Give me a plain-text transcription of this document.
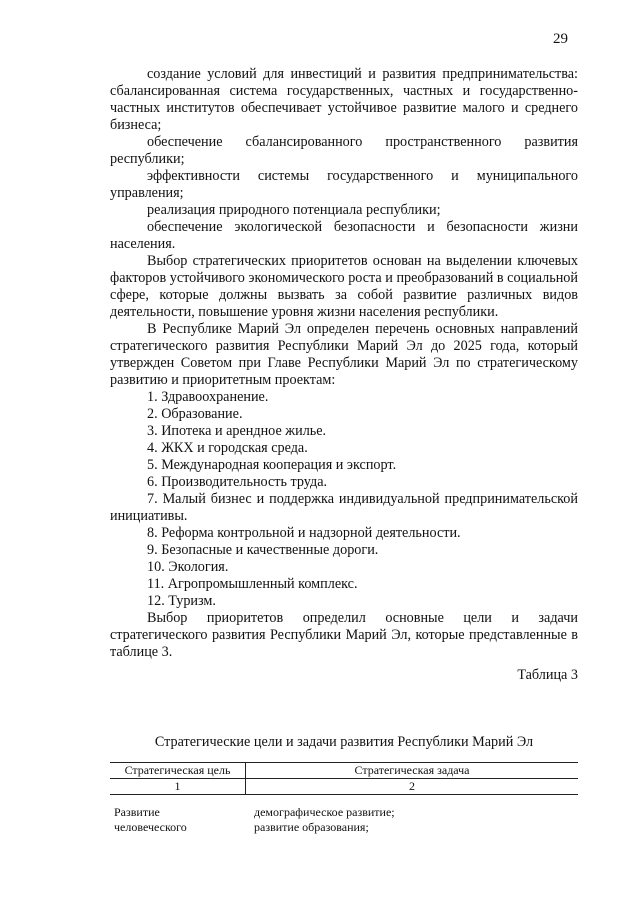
29

создание условий для инвестиций и развития предпринимательства: сбалансированная система государственных, частных и государственно-частных институтов обеспечивает устойчивое развитие малого и среднего бизнеса;

обеспечение сбалансированного пространственного развития республики;

эффективности системы государственного и муниципального управления;

реализация природного потенциала республики;

обеспечение экологической безопасности и безопасности жизни населения.

Выбор стратегических приоритетов основан на выделении ключевых факторов устойчивого экономического роста и преобразований в социальной сфере, которые должны вызвать за собой развитие различных видов деятельности, повышение уровня жизни населения республики.

В Республике Марий Эл определен перечень основных направлений стратегического развития Республики Марий Эл до 2025 года, который утвержден Советом при Главе Республики Марий Эл по стратегическому развитию и приоритетным проектам:

1. Здравоохранение.

2. Образование.

3. Ипотека и арендное жилье.

4. ЖКХ и городская среда.

5. Международная кооперация и экспорт.

6. Производительность труда.

7. Малый бизнес и поддержка индивидуальной предпринимательской инициативы.

8. Реформа контрольной и надзорной деятельности.

9. Безопасные и качественные дороги.

10. Экология.

11. Агропромышленный комплекс.

12. Туризм.

Выбор приоритетов определил основные цели и задачи стратегического развития Республики Марий Эл, которые представленные в таблице 3.

Таблица 3

Стратегические цели и задачи развития Республики Марий Эл
Стратегическая цель	Стратегическая задача
1	2
Развитие	демографическое развитие;
человеческого	развитие образования;
